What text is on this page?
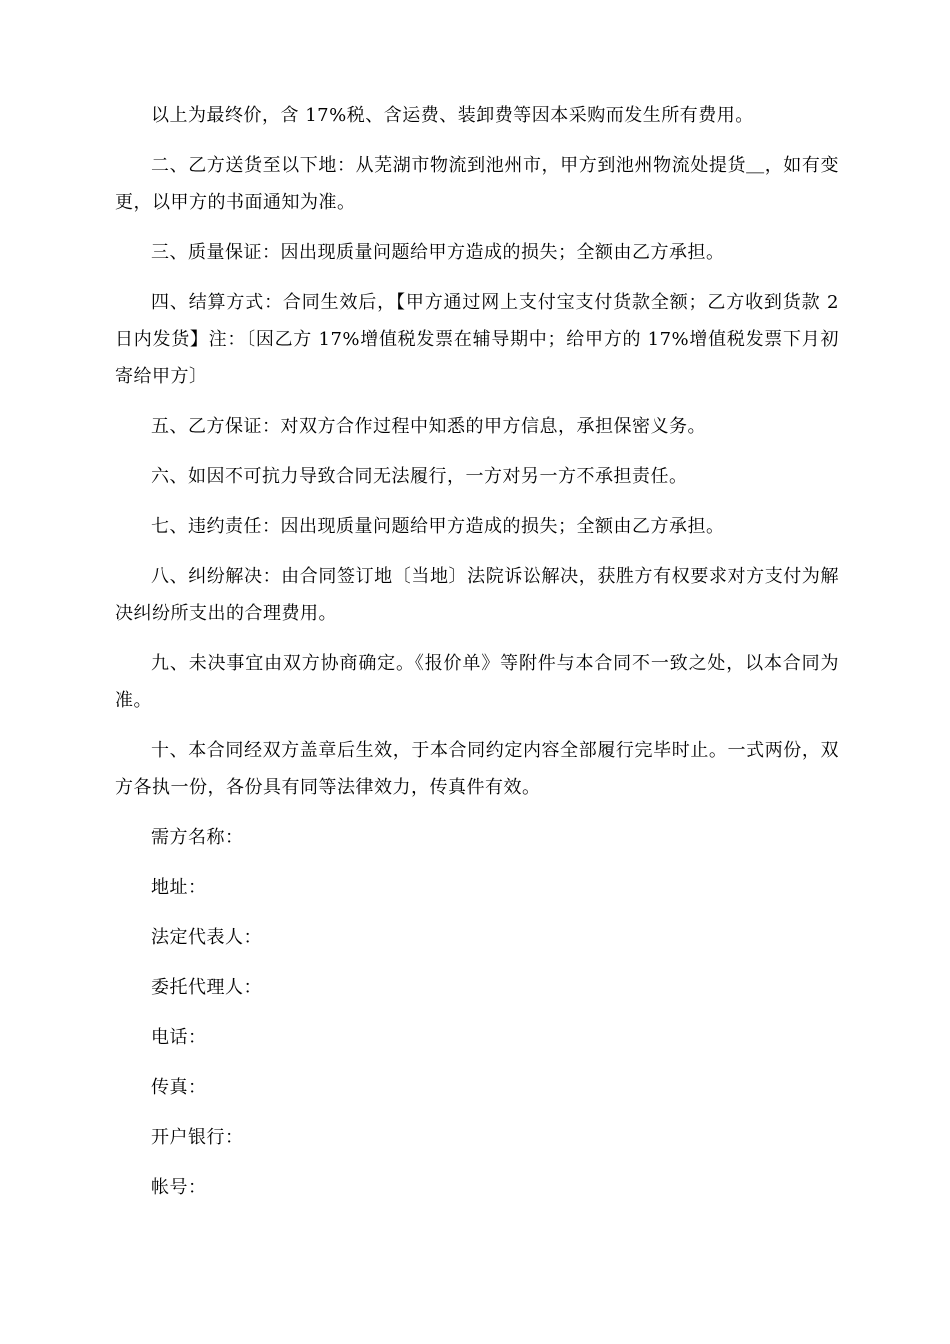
以上为最终价，含 17%税、含运费、装卸费等因本采购而发生所有费用。

二、乙方送货至以下地：从芜湖市物流到池州市，甲方到池州物流处提货＿，如有变更，以甲方的书面通知为准。

三、质量保证：因出现质量问题给甲方造成的损失；全额由乙方承担。

四、结算方式：合同生效后，【甲方通过网上支付宝支付货款全额；乙方收到货款 2 日内发货】注：〔因乙方 17%增值税发票在辅导期中；给甲方的 17%增值税发票下月初寄给甲方〕

五、乙方保证：对双方合作过程中知悉的甲方信息，承担保密义务。

六、如因不可抗力导致合同无法履行，一方对另一方不承担责任。

七、违约责任：因出现质量问题给甲方造成的损失；全额由乙方承担。

八、纠纷解决：由合同签订地〔当地〕法院诉讼解决，获胜方有权要求对方支付为解决纠纷所支出的合理费用。

九、未决事宜由双方协商确定。《报价单》等附件与本合同不一致之处，以本合同为准。

十、本合同经双方盖章后生效，于本合同约定内容全部履行完毕时止。一式两份，双方各执一份，各份具有同等法律效力，传真件有效。

需方名称：
地址：
法定代表人：
委托代理人：
电话：
传真：
开户银行：
帐号：
